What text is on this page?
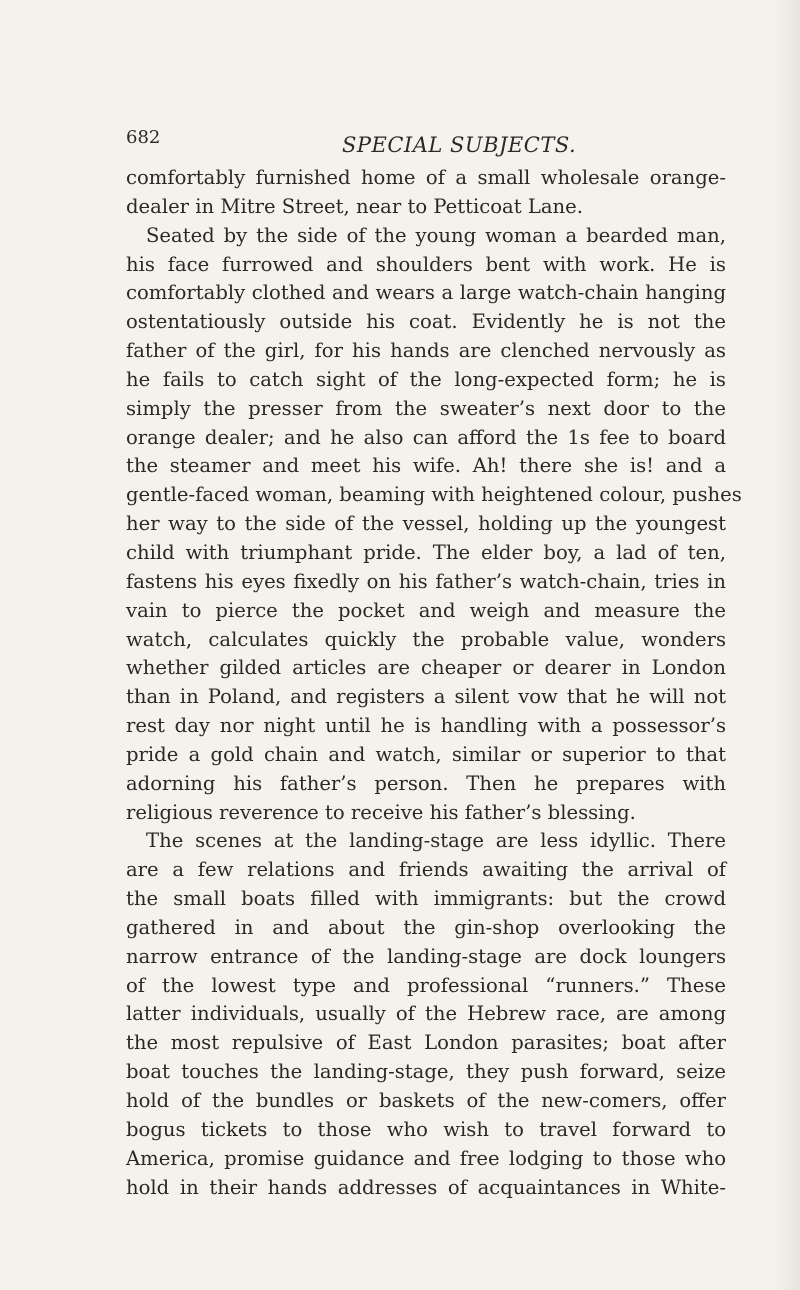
682	SPECIAL SUBJECTS.

comfortably furnished home of a small wholesale orange-
dealer in Mitre Street, near to Petticoat Lane.
Seated by the side of the young woman a bearded man,
his face furrowed and shoulders bent with work. He is
comfortably clothed and wears a large watch-chain hanging
ostentatiously outside his coat. Evidently he is not the
father of the girl, for his hands are clenched nervously as
he fails to catch sight of the long-expected form; he is
simply the presser from the sweater’s next door to the
orange dealer; and he also can afford the 1s fee to board
the steamer and meet his wife. Ah! there she is! and a
gentle-faced woman, beaming with heightened colour, pushes
her way to the side of the vessel, holding up the youngest
child with triumphant pride. The elder boy, a lad of ten,
fastens his eyes fixedly on his father’s watch-chain, tries in
vain to pierce the pocket and weigh and measure the
watch, calculates quickly the probable value, wonders
whether gilded articles are cheaper or dearer in London
than in Poland, and registers a silent vow that he will not
rest day nor night until he is handling with a possessor’s
pride a gold chain and watch, similar or superior to that
adorning his father’s person. Then he prepares with
religious reverence to receive his father’s blessing.
The scenes at the landing-stage are less idyllic. There
are a few relations and friends awaiting the arrival of
the small boats filled with immigrants: but the crowd
gathered in and about the gin-shop overlooking the
narrow entrance of the landing-stage are dock loungers
of the lowest type and professional “runners.” These
latter individuals, usually of the Hebrew race, are among
the most repulsive of East London parasites; boat after
boat touches the landing-stage, they push forward, seize
hold of the bundles or baskets of the new-comers, offer
bogus tickets to those who wish to travel forward to
America, promise guidance and free lodging to those who
hold in their hands addresses of acquaintances in White-
